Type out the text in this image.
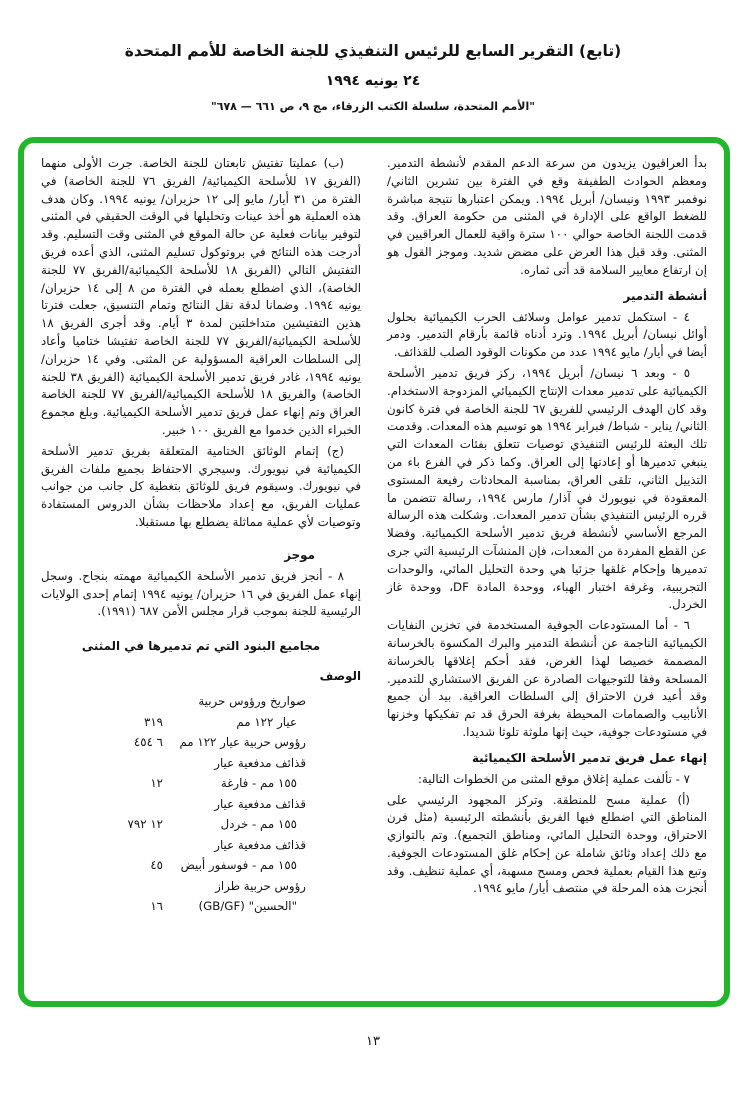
(تابع) التقرير السابع للرئيس التنفيذي للجنة الخاصة للأمم المتحدة
٢٤ يونيه ١٩٩٤
"الأمم المتحدة، سلسلة الكتب الزرقاء، مج ٩، ص ٦٦١ — ٦٧٨"

بدأ العراقيون يزيدون من سرعة الدعم المقدم لأنشطة التدمير. ومعظم الحوادث الطفيفة وقع في الفترة بين تشرين الثاني/ نوفمبر ١٩٩٣ ونيسان/ أبريل ١٩٩٤. ويمكن اعتبارها نتيجة مباشرة للضغط الواقع على الإدارة في المثنى من حكومة العراق. وقد قدمت اللجنة الخاصة حوالي ١٠٠ سترة واقية للعمال العراقيين في المثنى. وقد قبل هذا العرض على مضض شديد. وموجز القول هو إن ارتفاع معايير السلامة قد أتى ثماره.

أنشطة التدمير

٤ - استكمل تدمير عوامل وسلائف الحرب الكيميائية بحلول أوائل نيسان/ أبريل ١٩٩٤. وترد أدناه قائمة بأرقام التدمير. ودمر أيضا في أيار/ مايو ١٩٩٤ عدد من مكونات الوقود الصلب للقذائف.

٥ - وبعد ٦ نيسان/ أبريل ١٩٩٤، ركز فريق تدمير الأسلحة الكيميائية على تدمير معدات الإنتاج الكيميائي المزدوجة الاستخدام. وقد كان الهدف الرئيسي للفريق ٦٧ للجنة الخاصة في فترة كانون الثاني/ يناير - شباط/ فبراير ١٩٩٤ هو توسيم هذه المعدات. وقدمت تلك البعثة للرئيس التنفيذي توصيات تتعلق بفئات المعدات التي ينبغي تدميرها أو إعادتها إلى العراق. وكما ذكر في الفرع باء من التذييل الثاني، تلقى العراق، بمناسبة المحادثات رفيعة المستوى المعقودة في نيويورك في آذار/ مارس ١٩٩٤، رسالة تتضمن ما قرره الرئيس التنفيذي بشأن تدمير المعدات. وشكلت هذه الرسالة المرجع الأساسي لأنشطة فريق تدمير الأسلحة الكيميائية. وفضلا عن القطع المفردة من المعدات، فإن المنشآت الرئيسية التي جرى تدميرها وإحكام غلقها جزئيا هي وحدة التحليل المائي، والوحدات التجريبية، وغرفة اختبار الهباء، ووحدة المادة DF، ووحدة غاز الخردل.

٦ - أما المستودعات الجوفية المستخدمة في تخزين النفايات الكيميائية الناجمة عن أنشطة التدمير والبرك المكسوة بالخرسانة المصممة خصيصا لهذا الغرض، فقد أحكم إغلاقها بالخرسانة المسلحة وفقا للتوجيهات الصادرة عن الفريق الاستشاري للتدمير. وقد أعيد فرن الاحتراق إلى السلطات العراقية. بيد أن جميع الأنابيب والصمامات المحيطة بغرفة الحرق قد تم تفكيكها وخزنها في مستودعات جوفية، حيث إنها ملوثة تلوثا شديدا.

إنهاء عمل فريق تدمير الأسلحة الكيميائية

٧ - تألفت عملية إغلاق موقع المثنى من الخطوات التالية:

(أ) عملية مسح للمنطقة. وتركز المجهود الرئيسي على المناطق التي اضطلع فيها الفريق بأنشطته الرئيسية (مثل فرن الاحتراق، ووحدة التحليل المائي، ومناطق التجميع). وتم بالتوازي مع ذلك إعداد وثائق شاملة عن إحكام غلق المستودعات الجوفية. وتبع هذا القيام بعملية فحص ومسح مسهبة، أي عملية تنظيف. وقد أنجزت هذه المرحلة في منتصف أيار/ مايو ١٩٩٤.

(ب) عمليتا تفتيش تابعتان للجنة الخاصة. جرت الأولى منهما (الفريق ١٧ للأسلحة الكيميائية/ الفريق ٧٦ للجنة الخاصة) في الفترة من ٣١ أيار/ مايو إلى ١٢ حزيران/ يونيه ١٩٩٤. وكان هدف هذه العملية هو أخذ عينات وتحليلها في الوقت الحقيقي في المثنى لتوفير بيانات فعلية عن حالة الموقع في المثنى وقت التسليم. وقد أدرجت هذه النتائج في بروتوكول تسليم المثنى، الذي أعده فريق التفتيش التالي (الفريق ١٨ للأسلحة الكيميائية/الفريق ٧٧ للجنة الخاصة)، الذي اضطلع بعمله في الفترة من ٨ إلى ١٤ حزيران/ يونيه ١٩٩٤. وضمانا لدقة نقل النتائج وتمام التنسيق، جعلت فترتا هذين التفتيشين متداخلتين لمدة ٣ أيام. وقد أجرى الفريق ١٨ للأسلحة الكيميائية/الفريق ٧٧ للجنة الخاصة تفتيشا ختاميا وأعاد إلى السلطات العراقية المسؤولية عن المثنى. وفي ١٤ حزيران/ يونيه ١٩٩٤، غادر فريق تدمير الأسلحة الكيميائية (الفريق ٣٨ للجنة الخاصة) والفريق ١٨ للأسلحة الكيميائية/الفريق ٧٧ للجنة الخاصة العراق وتم إنهاء عمل فريق تدمير الأسلحة الكيميائية. وبلغ مجموع الخبراء الذين خدموا مع الفريق ١٠٠ خبير.

(ج) إتمام الوثائق الختامية المتعلقة بفريق تدمير الأسلحة الكيميائية في نيويورك. وسيجري الاحتفاظ بجميع ملفات الفريق في نيويورك. وسيقوم فريق للوثائق بتغطية كل جانب من جوانب عمليات الفريق، مع إعداد ملاحظات بشأن الدروس المستفادة وتوصيات لأي عملية مماثلة يضطلع بها مستقبلا.

موجز

٨ - أنجز فريق تدمير الأسلحة الكيميائية مهمته بنجاح. وسجل إنهاء عمل الفريق في ١٦ حزيران/ يونيه ١٩٩٤ إتمام إحدى الولايات الرئيسية للجنة بموجب قرار مجلس الأمن ٦٨٧ (١٩٩١).

مجاميع البنود التي تم تدميرها في المثنى
الوصف
صواريخ ورؤوس حربية
عيار ١٢٢ مم
٣١٩
رؤوس حربية عيار ١٢٢ مم
٦ ٤٥٤
قذائف مدفعية عيار
١٥٥ مم - فارغة
١٢
قذائف مدفعية عيار
١٥٥ مم - خردل
١٢ ٧٩٢
قذائف مدفعية عيار
١٥٥ مم - فوسفور أبيض
٤٥
رؤوس حربية طراز
"الحسين" (GB/GF)
١٦
١٣
